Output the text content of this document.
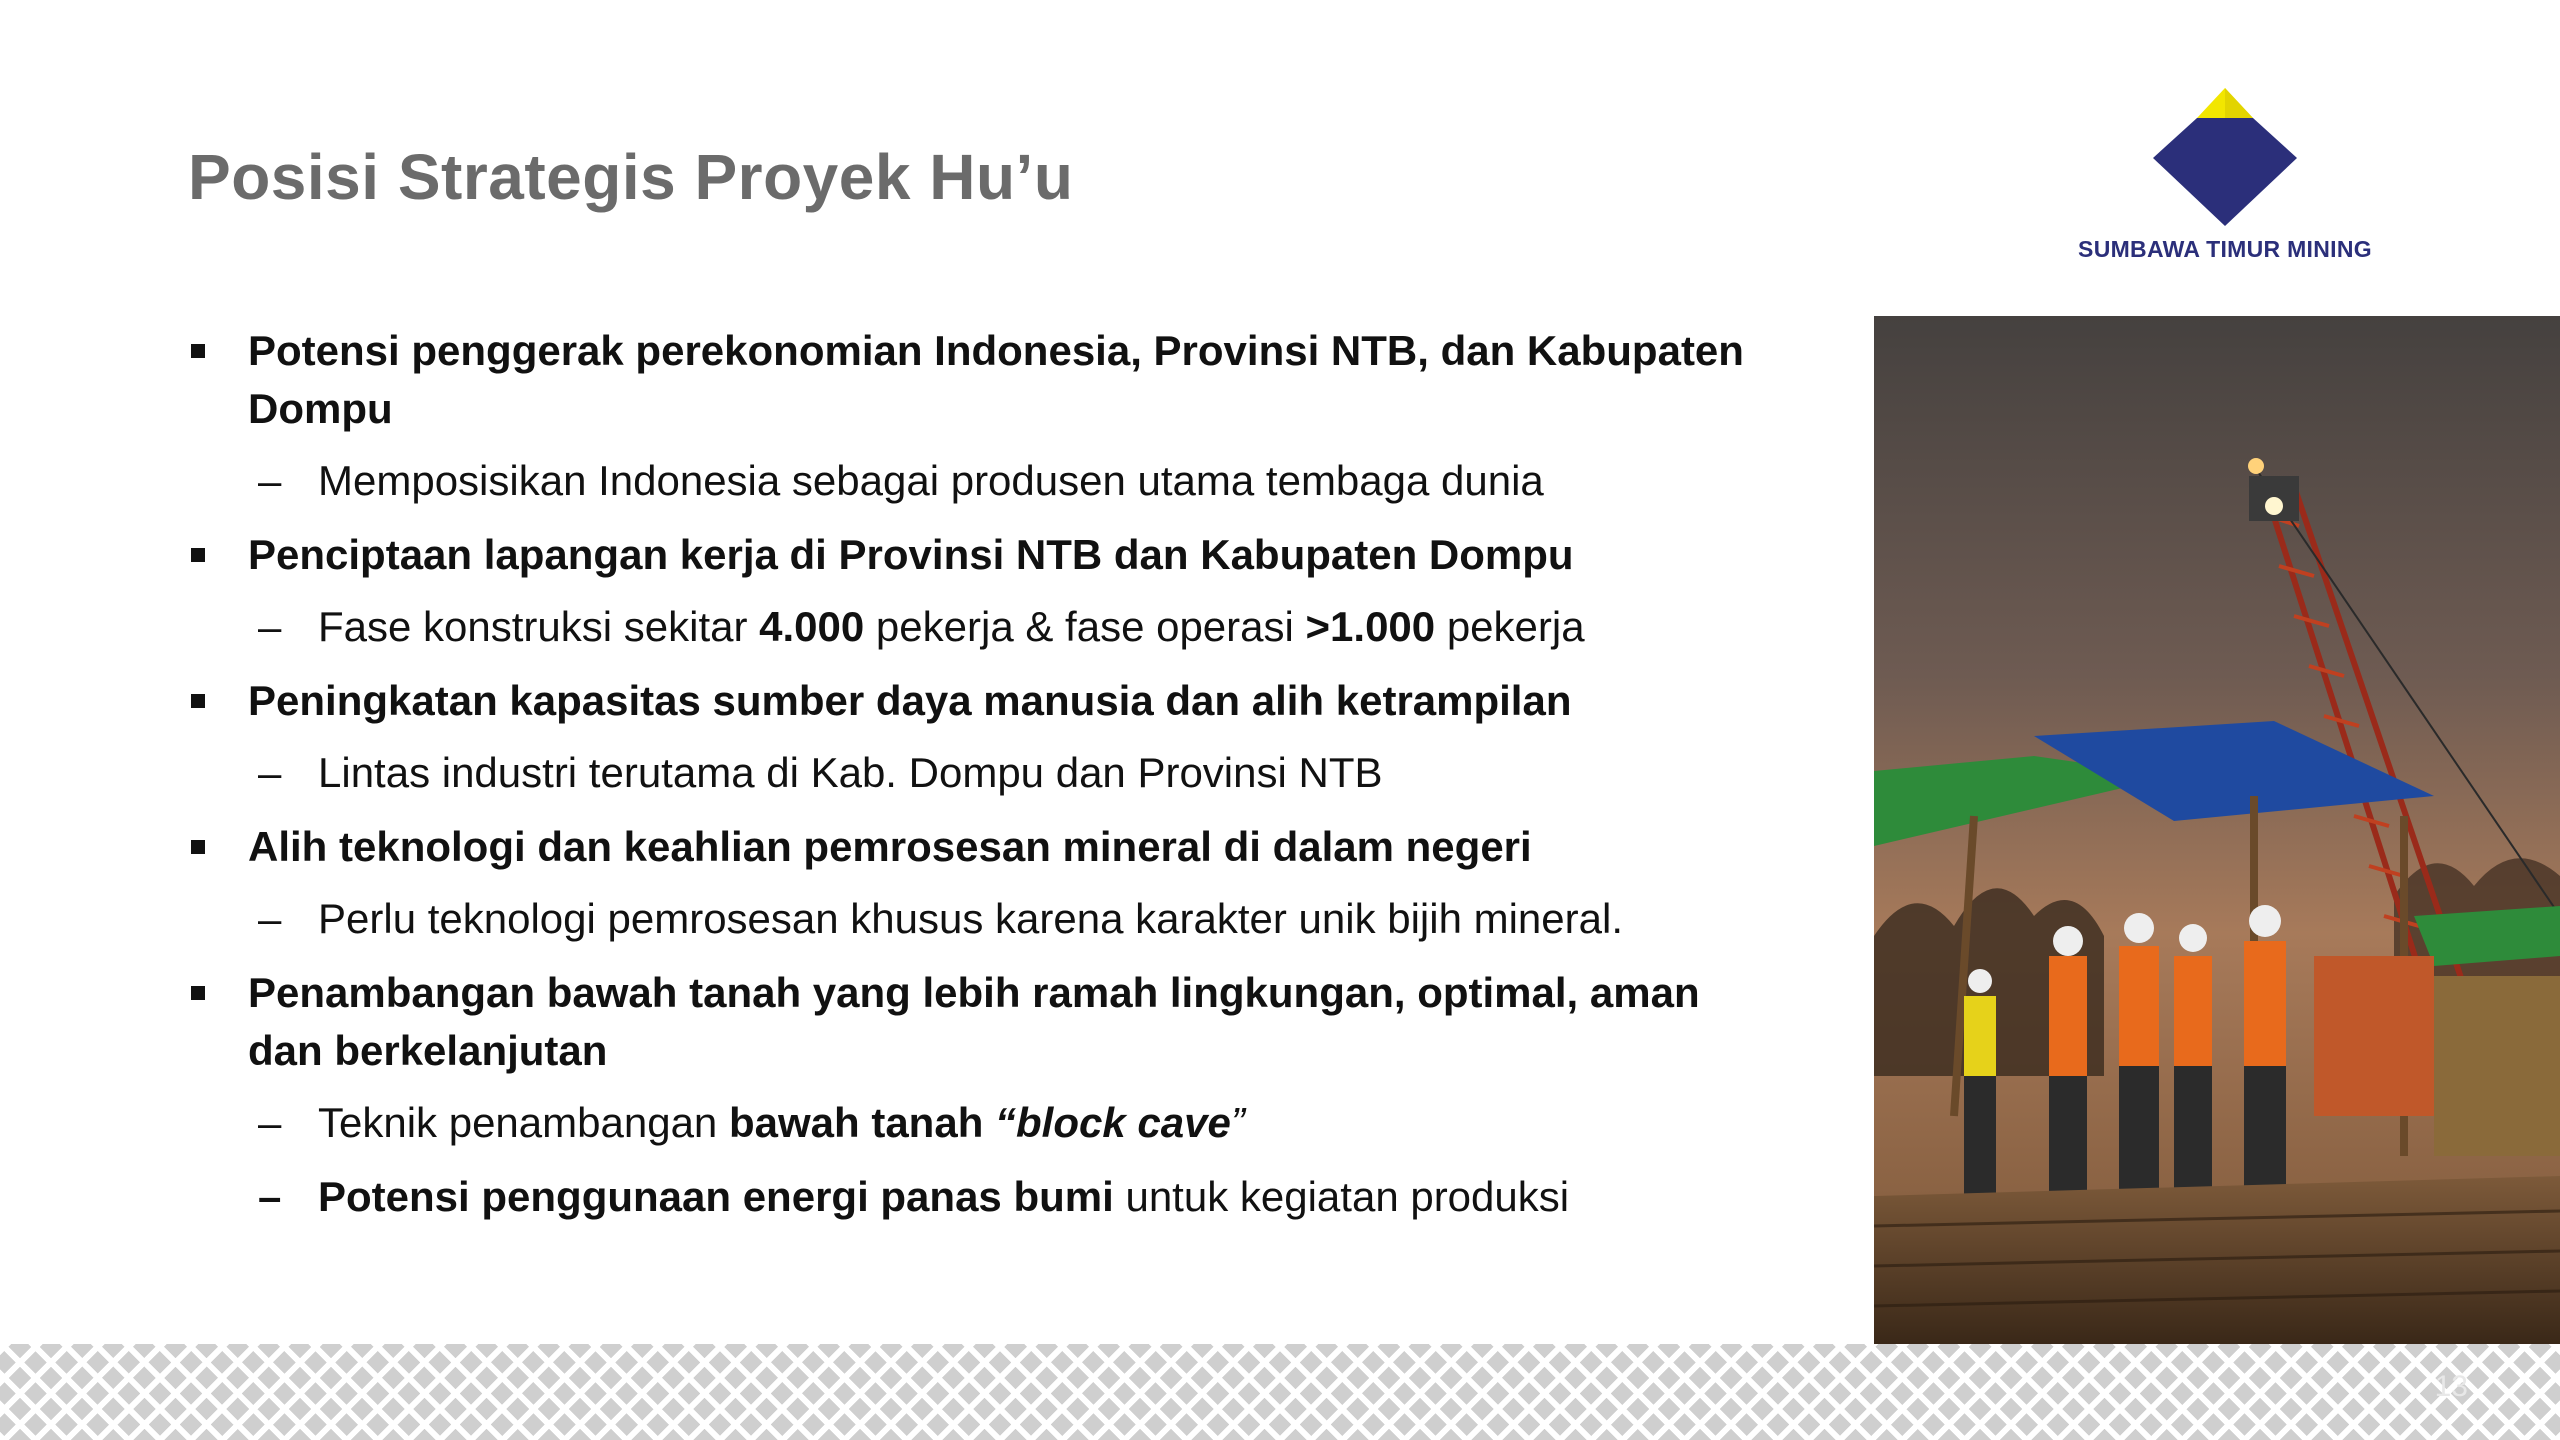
Posisi Strategis Proyek Hu’u
SUMBAWA TIMUR MINING
Potensi penggerak perekonomian Indonesia, Provinsi NTB, dan Kabupaten Dompu
– Memposisikan Indonesia sebagai produsen utama tembaga dunia
Penciptaan lapangan kerja di Provinsi NTB dan Kabupaten Dompu
– Fase konstruksi sekitar 4.000 pekerja & fase operasi >1.000 pekerja
Peningkatan kapasitas sumber daya manusia dan alih ketrampilan
– Lintas industri terutama di Kab. Dompu dan Provinsi NTB
Alih teknologi dan keahlian pemrosesan mineral di dalam negeri
– Perlu teknologi pemrosesan khusus karena karakter unik bijih mineral.
Penambangan bawah tanah yang lebih ramah lingkungan, optimal, aman dan berkelanjutan
– Teknik penambangan bawah tanah “block cave”
– Potensi penggunaan energi panas bumi untuk kegiatan produksi
13
